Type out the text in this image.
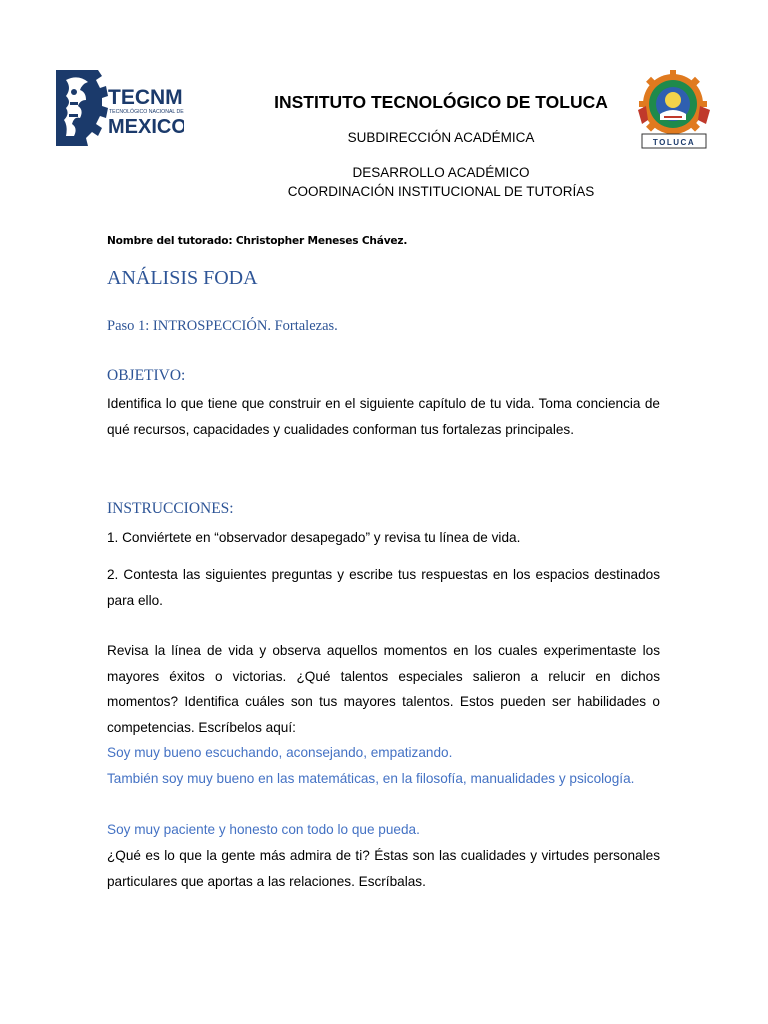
TECNM
TECNOLÓGICO NACIONAL DE
MEXICO
INSTITUTO TECNOLÓGICO DE TOLUCA
SUBDIRECCIÓN ACADÉMICA
DESARROLLO ACADÉMICO
COORDINACIÓN INSTITUCIONAL DE TUTORÍAS
TOLUCA
Nombre del tutorado: Christopher Meneses Chávez.
ANÁLISIS FODA
Paso 1: INTROSPECCIÓN. Fortalezas.
OBJETIVO:
Identifica lo que tiene que construir en el siguiente capítulo de tu vida. Toma conciencia de qué recursos, capacidades y cualidades conforman tus fortalezas principales.
INSTRUCCIONES:
1. Conviértete en “observador desapegado” y revisa tu línea de vida.
2. Contesta las siguientes preguntas y escribe tus respuestas en los espacios destinados para ello.
Revisa la línea de vida y observa aquellos momentos en los cuales experimentaste los mayores éxitos o victorias. ¿Qué talentos especiales salieron a relucir en dichos momentos? Identifica cuáles son tus mayores talentos. Estos pueden ser habilidades o competencias. Escríbelos aquí:
Soy muy bueno escuchando, aconsejando, empatizando.
También soy muy bueno en las matemáticas, en la filosofía, manualidades y psicología.
Soy muy paciente y honesto con todo lo que pueda.
¿Qué es lo que la gente más admira de ti? Éstas son las cualidades y virtudes personales particulares que aportas a las relaciones. Escríbalas.
